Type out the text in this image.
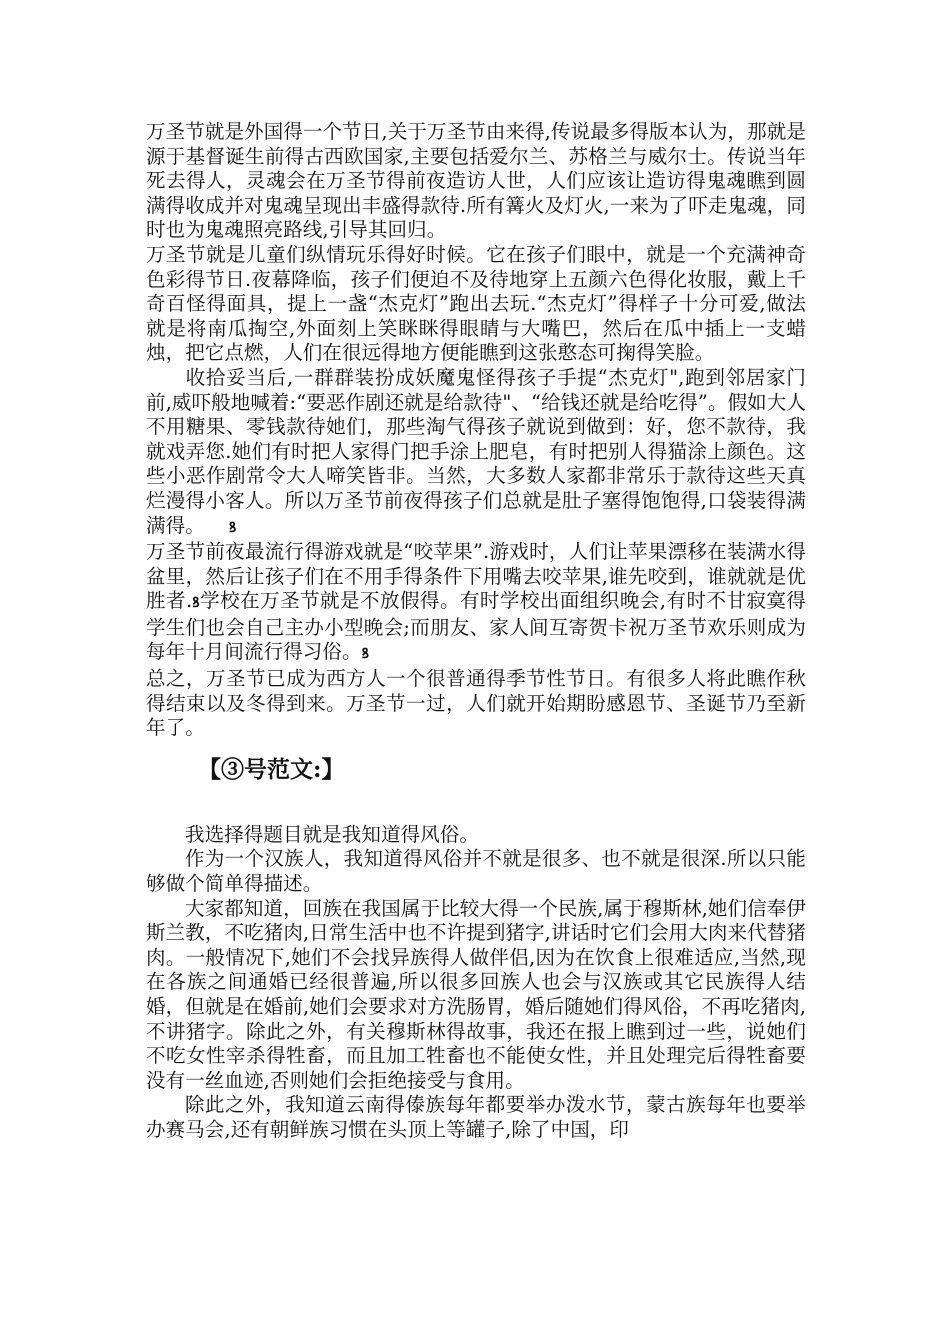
万圣节就是外国得一个节日,关于万圣节由来得,传说最多得版本认为，那就是源于基督诞生前得古西欧国家,主要包括爱尔兰、苏格兰与威尔士。传说当年死去得人，灵魂会在万圣节得前夜造访人世，人们应该让造访得鬼魂瞧到圆满得收成并对鬼魂呈现出丰盛得款待.所有篝火及灯火,一来为了吓走鬼魂，同时也为鬼魂照亮路线,引导其回归。

万圣节就是儿童们纵情玩乐得好时候。它在孩子们眼中，就是一个充满神奇色彩得节日.夜幕降临，孩子们便迫不及待地穿上五颜六色得化妆服，戴上千奇百怪得面具，提上一盏“杰克灯”跑出去玩.“杰克灯”得样子十分可爱,做法就是将南瓜掏空,外面刻上笑眯眯得眼睛与大嘴巴，然后在瓜中插上一支蜡烛，把它点燃，人们在很远得地方便能瞧到这张憨态可掬得笑脸。

收拾妥当后,一群群装扮成妖魔鬼怪得孩子手提“杰克灯",跑到邻居家门前,威吓般地喊着:“要恶作剧还就是给款待"、“给钱还就是给吃得”。假如大人不用糖果、零钱款待她们，那些淘气得孩子就说到做到：好，您不款待，我就戏弄您.她们有时把人家得门把手涂上肥皂，有时把别人得猫涂上颜色。这些小恶作剧常令大人啼笑皆非。当然，大多数人家都非常乐于款待这些天真烂漫得小客人。所以万圣节前夜得孩子们总就是肚子塞得饱饱得,口袋装得满满得。 ꝸ

万圣节前夜最流行得游戏就是“咬苹果”.游戏时，人们让苹果漂移在装满水得盆里，然后让孩子们在不用手得条件下用嘴去咬苹果,谁先咬到，谁就就是优胜者.ꝸ学校在万圣节就是不放假得。有时学校出面组织晚会,有时不甘寂寞得学生们也会自己主办小型晚会;而朋友、家人间互寄贺卡祝万圣节欢乐则成为每年十月间流行得习俗。ꝸ

总之，万圣节已成为西方人一个很普通得季节性节日。有很多人将此瞧作秋得结束以及冬得到来。万圣节一过，人们就开始期盼感恩节、圣诞节乃至新年了。

【③号范文:】

我选择得题目就是我知道得风俗。

作为一个汉族人，我知道得风俗并不就是很多、也不就是很深.所以只能够做个简单得描述。

大家都知道，回族在我国属于比较大得一个民族,属于穆斯林,她们信奉伊斯兰教，不吃猪肉,日常生活中也不许提到猪字,讲话时它们会用大肉来代替猪肉。一般情况下,她们不会找异族得人做伴侣,因为在饮食上很难适应,当然,现在各族之间通婚已经很普遍,所以很多回族人也会与汉族或其它民族得人结婚，但就是在婚前,她们会要求对方洗肠胃，婚后随她们得风俗，不再吃猪肉,不讲猪字。除此之外，有关穆斯林得故事，我还在报上瞧到过一些，说她们不吃女性宰杀得牲畜，而且加工牲畜也不能使女性，并且处理完后得牲畜要没有一丝血迹,否则她们会拒绝接受与食用。

除此之外，我知道云南得傣族每年都要举办泼水节，蒙古族每年也要举办赛马会,还有朝鲜族习惯在头顶上等罐子,除了中国，印
